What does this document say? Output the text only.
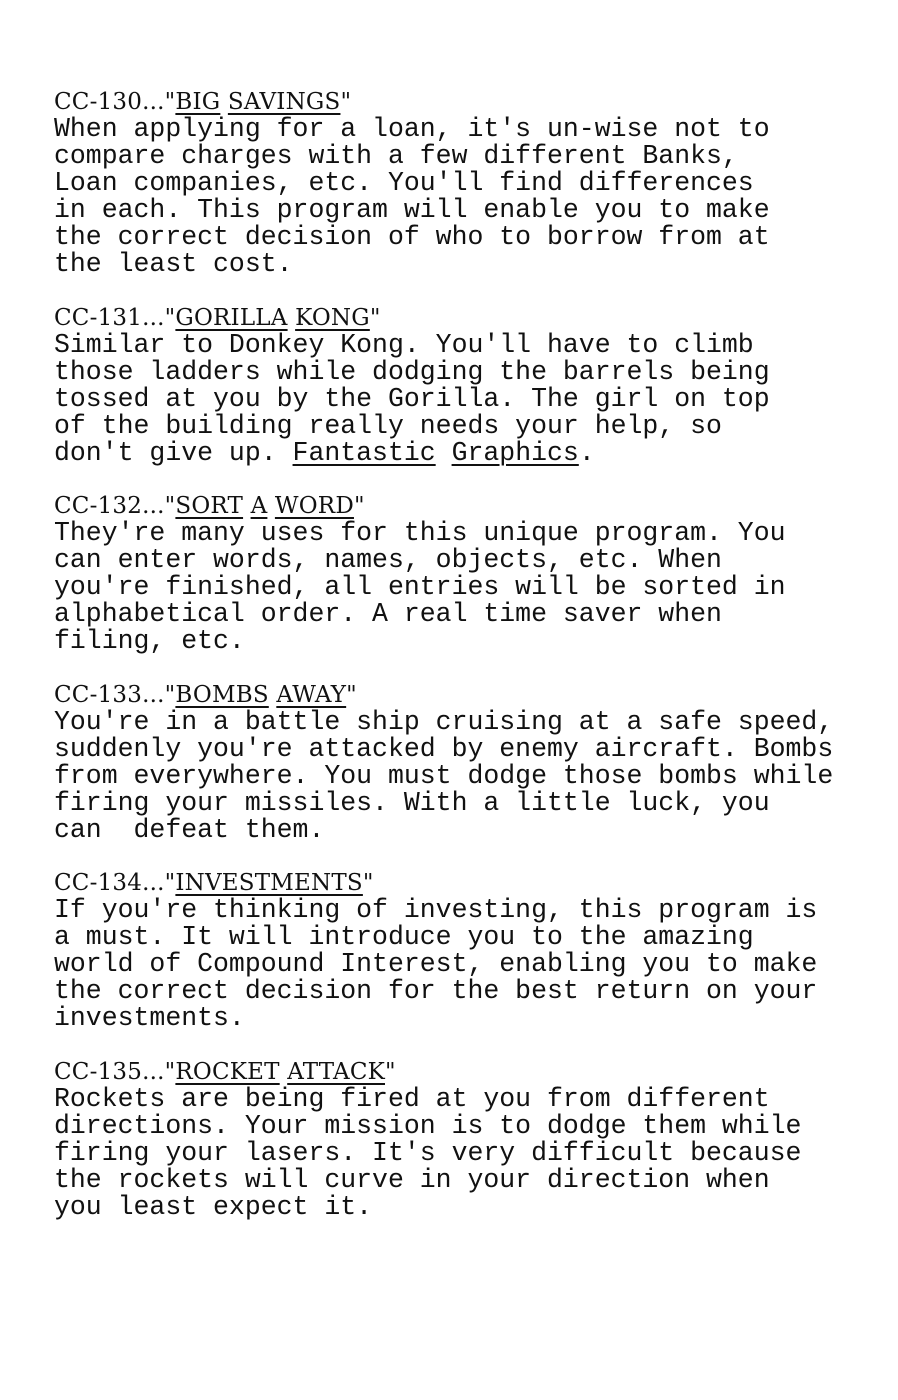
CC-130..."BIG SAVINGS"
When applying for a loan, it's un-wise not to
compare charges with a few different Banks,
Loan companies, etc. You'll find differences
in each. This program will enable you to make
the correct decision of who to borrow from at
the least cost.
CC-131..."GORILLA KONG"
Similar to Donkey Kong. You'll have to climb
those ladders while dodging the barrels being
tossed at you by the Gorilla. The girl on top
of the building really needs your help, so
don't give up. Fantastic Graphics.
CC-132..."SORT A WORD"
They're many uses for this unique program. You
can enter words, names, objects, etc. When
you're finished, all entries will be sorted in
alphabetical order. A real time saver when
filing, etc.
CC-133..."BOMBS AWAY"
You're in a battle ship cruising at a safe speed,
suddenly you're attacked by enemy aircraft. Bombs
from everywhere. You must dodge those bombs while
firing your missiles. With a little luck, you
can  defeat them.
CC-134..."INVESTMENTS"
If you're thinking of investing, this program is
a must. It will introduce you to the amazing
world of Compound Interest, enabling you to make
the correct decision for the best return on your
investments.
CC-135..."ROCKET ATTACK"
Rockets are being fired at you from different
directions. Your mission is to dodge them while
firing your lasers. It's very difficult because
the rockets will curve in your direction when
you least expect it.
